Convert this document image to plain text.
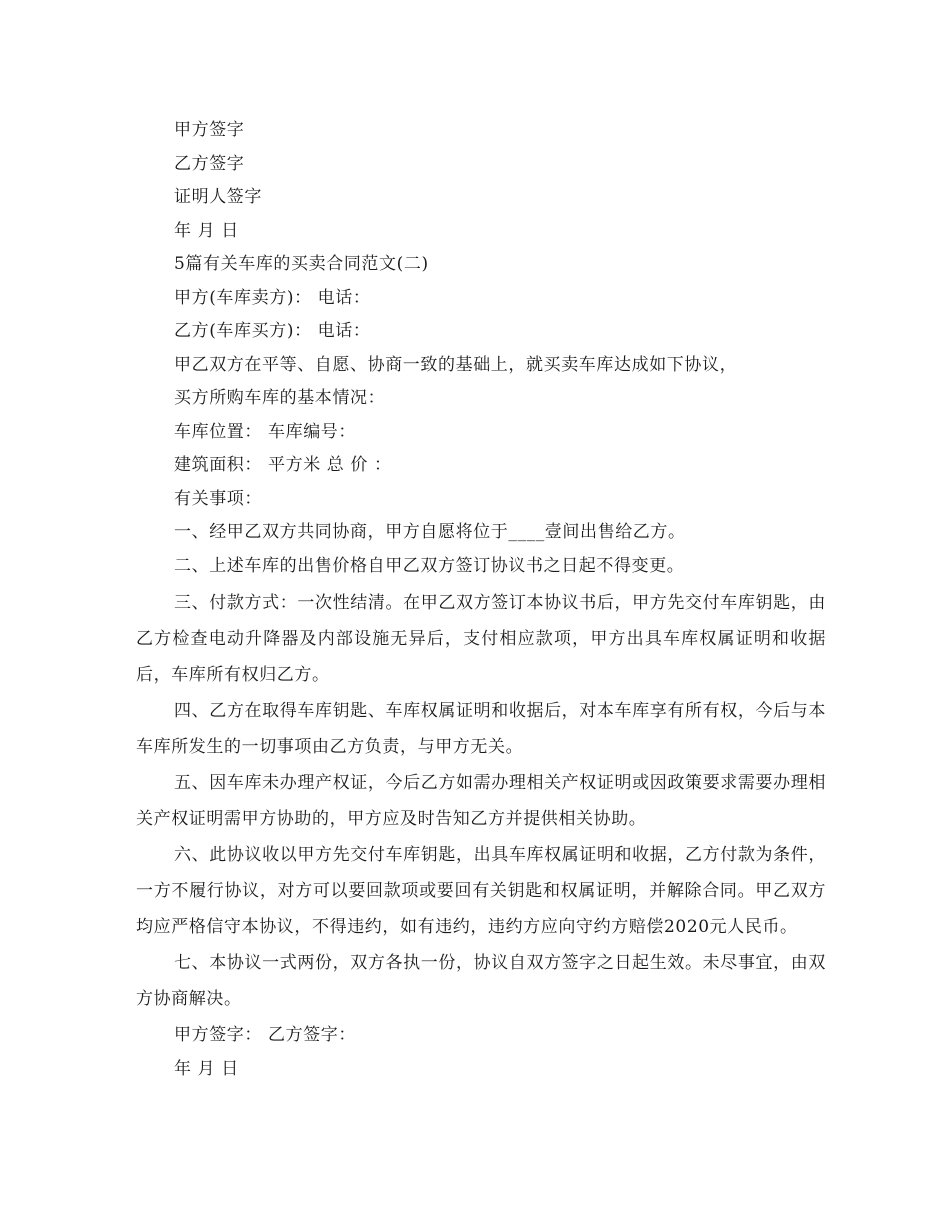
甲方签字
乙方签字
证明人签字
年 月 日
5篇有关车库的买卖合同范文(二)
甲方(车库卖方)： 电话：
乙方(车库买方)： 电话：
甲乙双方在平等、自愿、协商一致的基础上，就买卖车库达成如下协议，
买方所购车库的基本情况：
车库位置： 车库编号：
建筑面积： 平方米 总 价 ：
有关事项：
一、经甲乙双方共同协商，甲方自愿将位于____壹间出售给乙方。
二、上述车库的出售价格自甲乙双方签订协议书之日起不得变更。

三、付款方式：一次性结清。在甲乙双方签订本协议书后，甲方先交付车库钥匙，由乙方检查电动升降器及内部设施无异后，支付相应款项，甲方出具车库权属证明和收据后，车库所有权归乙方。

四、乙方在取得车库钥匙、车库权属证明和收据后，对本车库享有所有权，今后与本车库所发生的一切事项由乙方负责，与甲方无关。

五、因车库未办理产权证，今后乙方如需办理相关产权证明或因政策要求需要办理相关产权证明需甲方协助的，甲方应及时告知乙方并提供相关协助。

六、此协议收以甲方先交付车库钥匙，出具车库权属证明和收据，乙方付款为条件，一方不履行协议，对方可以要回款项或要回有关钥匙和权属证明，并解除合同。甲乙双方均应严格信守本协议，不得违约，如有违约，违约方应向守约方赔偿2020元人民币。

七、本协议一式两份，双方各执一份，协议自双方签字之日起生效。未尽事宜，由双方协商解决。

甲方签字： 乙方签字：
年 月 日
